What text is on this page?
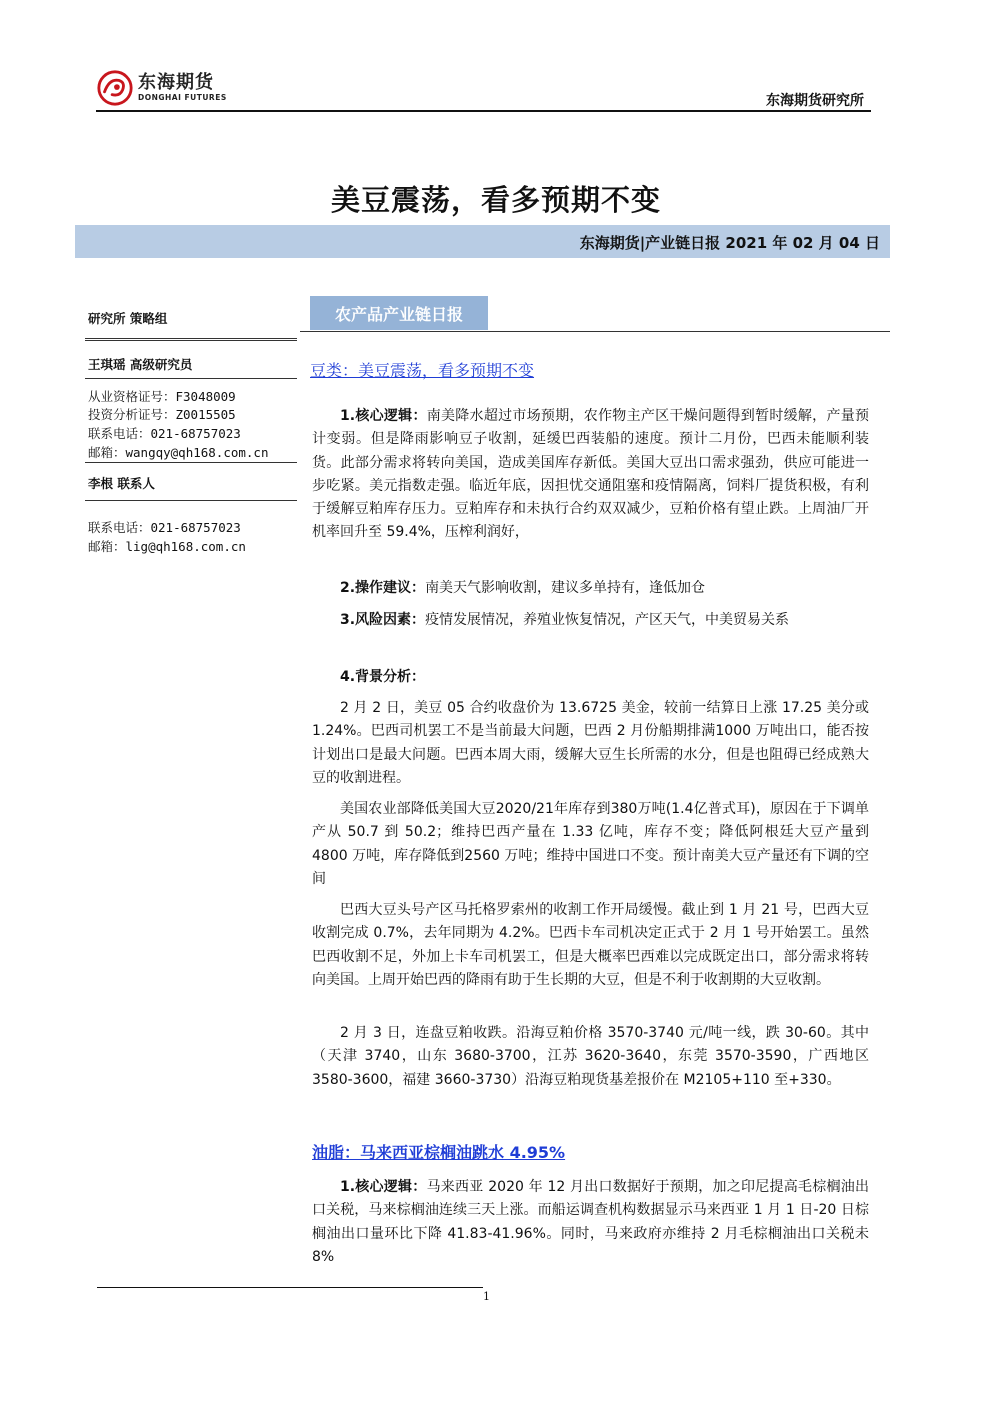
东海期货
DONGHAI FUTURES	东海期货研究所
美豆震荡，看多预期不变
东海期货|产业链日报 2021 年 02 月 04 日
研究所 策略组
王琪瑶 高级研究员
从业资格证号：F3048009
投资分析证号：Z0015505
联系电话：021-68757023
邮箱：wangqy@qh168.com.cn
李根 联系人
联系电话：021-68757023
邮箱：lig@qh168.com.cn
农产品产业链日报
豆类：美豆震荡，看多预期不变
1.核心逻辑：南美降水超过市场预期，农作物主产区干燥问题得到暂时缓解，产量预计变弱。但是降雨影响豆子收割，延缓巴西装船的速度。预计二月份，巴西未能顺利装货。此部分需求将转向美国，造成美国库存新低。美国大豆出口需求强劲，供应可能进一步吃紧。美元指数走强。临近年底，因担忧交通阻塞和疫情隔离，饲料厂提货积极，有利于缓解豆粕库存压力。豆粕库存和未执行合约双双减少，豆粕价格有望止跌。上周油厂开机率回升至 59.4%，压榨利润好，
2.操作建议：南美天气影响收割，建议多单持有，逢低加仓
3.风险因素：疫情发展情况，养殖业恢复情况，产区天气，中美贸易关系
4.背景分析：
2 月 2 日，美豆 05 合约收盘价为 13.6725 美金，较前一结算日上涨 17.25 美分或 1.24%。巴西司机罢工不是当前最大问题，巴西 2 月份船期排满1000 万吨出口，能否按计划出口是最大问题。巴西本周大雨，缓解大豆生长所需的水分，但是也阻碍已经成熟大豆的收割进程。
美国农业部降低美国大豆2020/21年库存到380万吨(1.4亿普式耳)，原因在于下调单产从 50.7 到 50.2；维持巴西产量在 1.33 亿吨，库存不变；降低阿根廷大豆产量到4800 万吨，库存降低到2560 万吨；维持中国进口不变。预计南美大豆产量还有下调的空间
巴西大豆头号产区马托格罗索州的收割工作开局缓慢。截止到 1 月 21 号，巴西大豆收割完成 0.7%，去年同期为 4.2%。巴西卡车司机决定正式于 2 月 1 号开始罢工。虽然巴西收割不足，外加上卡车司机罢工，但是大概率巴西难以完成既定出口，部分需求将转向美国。上周开始巴西的降雨有助于生长期的大豆，但是不利于收割期的大豆收割。
2 月 3 日，连盘豆粕收跌。沿海豆粕价格 3570-3740 元/吨一线，跌 30-60。其中（天津 3740，山东 3680-3700，江苏 3620-3640，东莞 3570-3590，广西地区 3580-3600，福建 3660-3730）沿海豆粕现货基差报价在 M2105+110 至+330。
油脂：马来西亚棕榈油跳水 4.95%
1.核心逻辑：马来西亚 2020 年 12 月出口数据好于预期，加之印尼提高毛棕榈油出口关税，马来棕榈油连续三天上涨。而船运调查机构数据显示马来西亚 1 月 1 日-20 日棕榈油出口量环比下降 41.83-41.96%。同时，马来政府亦维持 2 月毛棕榈油出口关税未 8%
1
